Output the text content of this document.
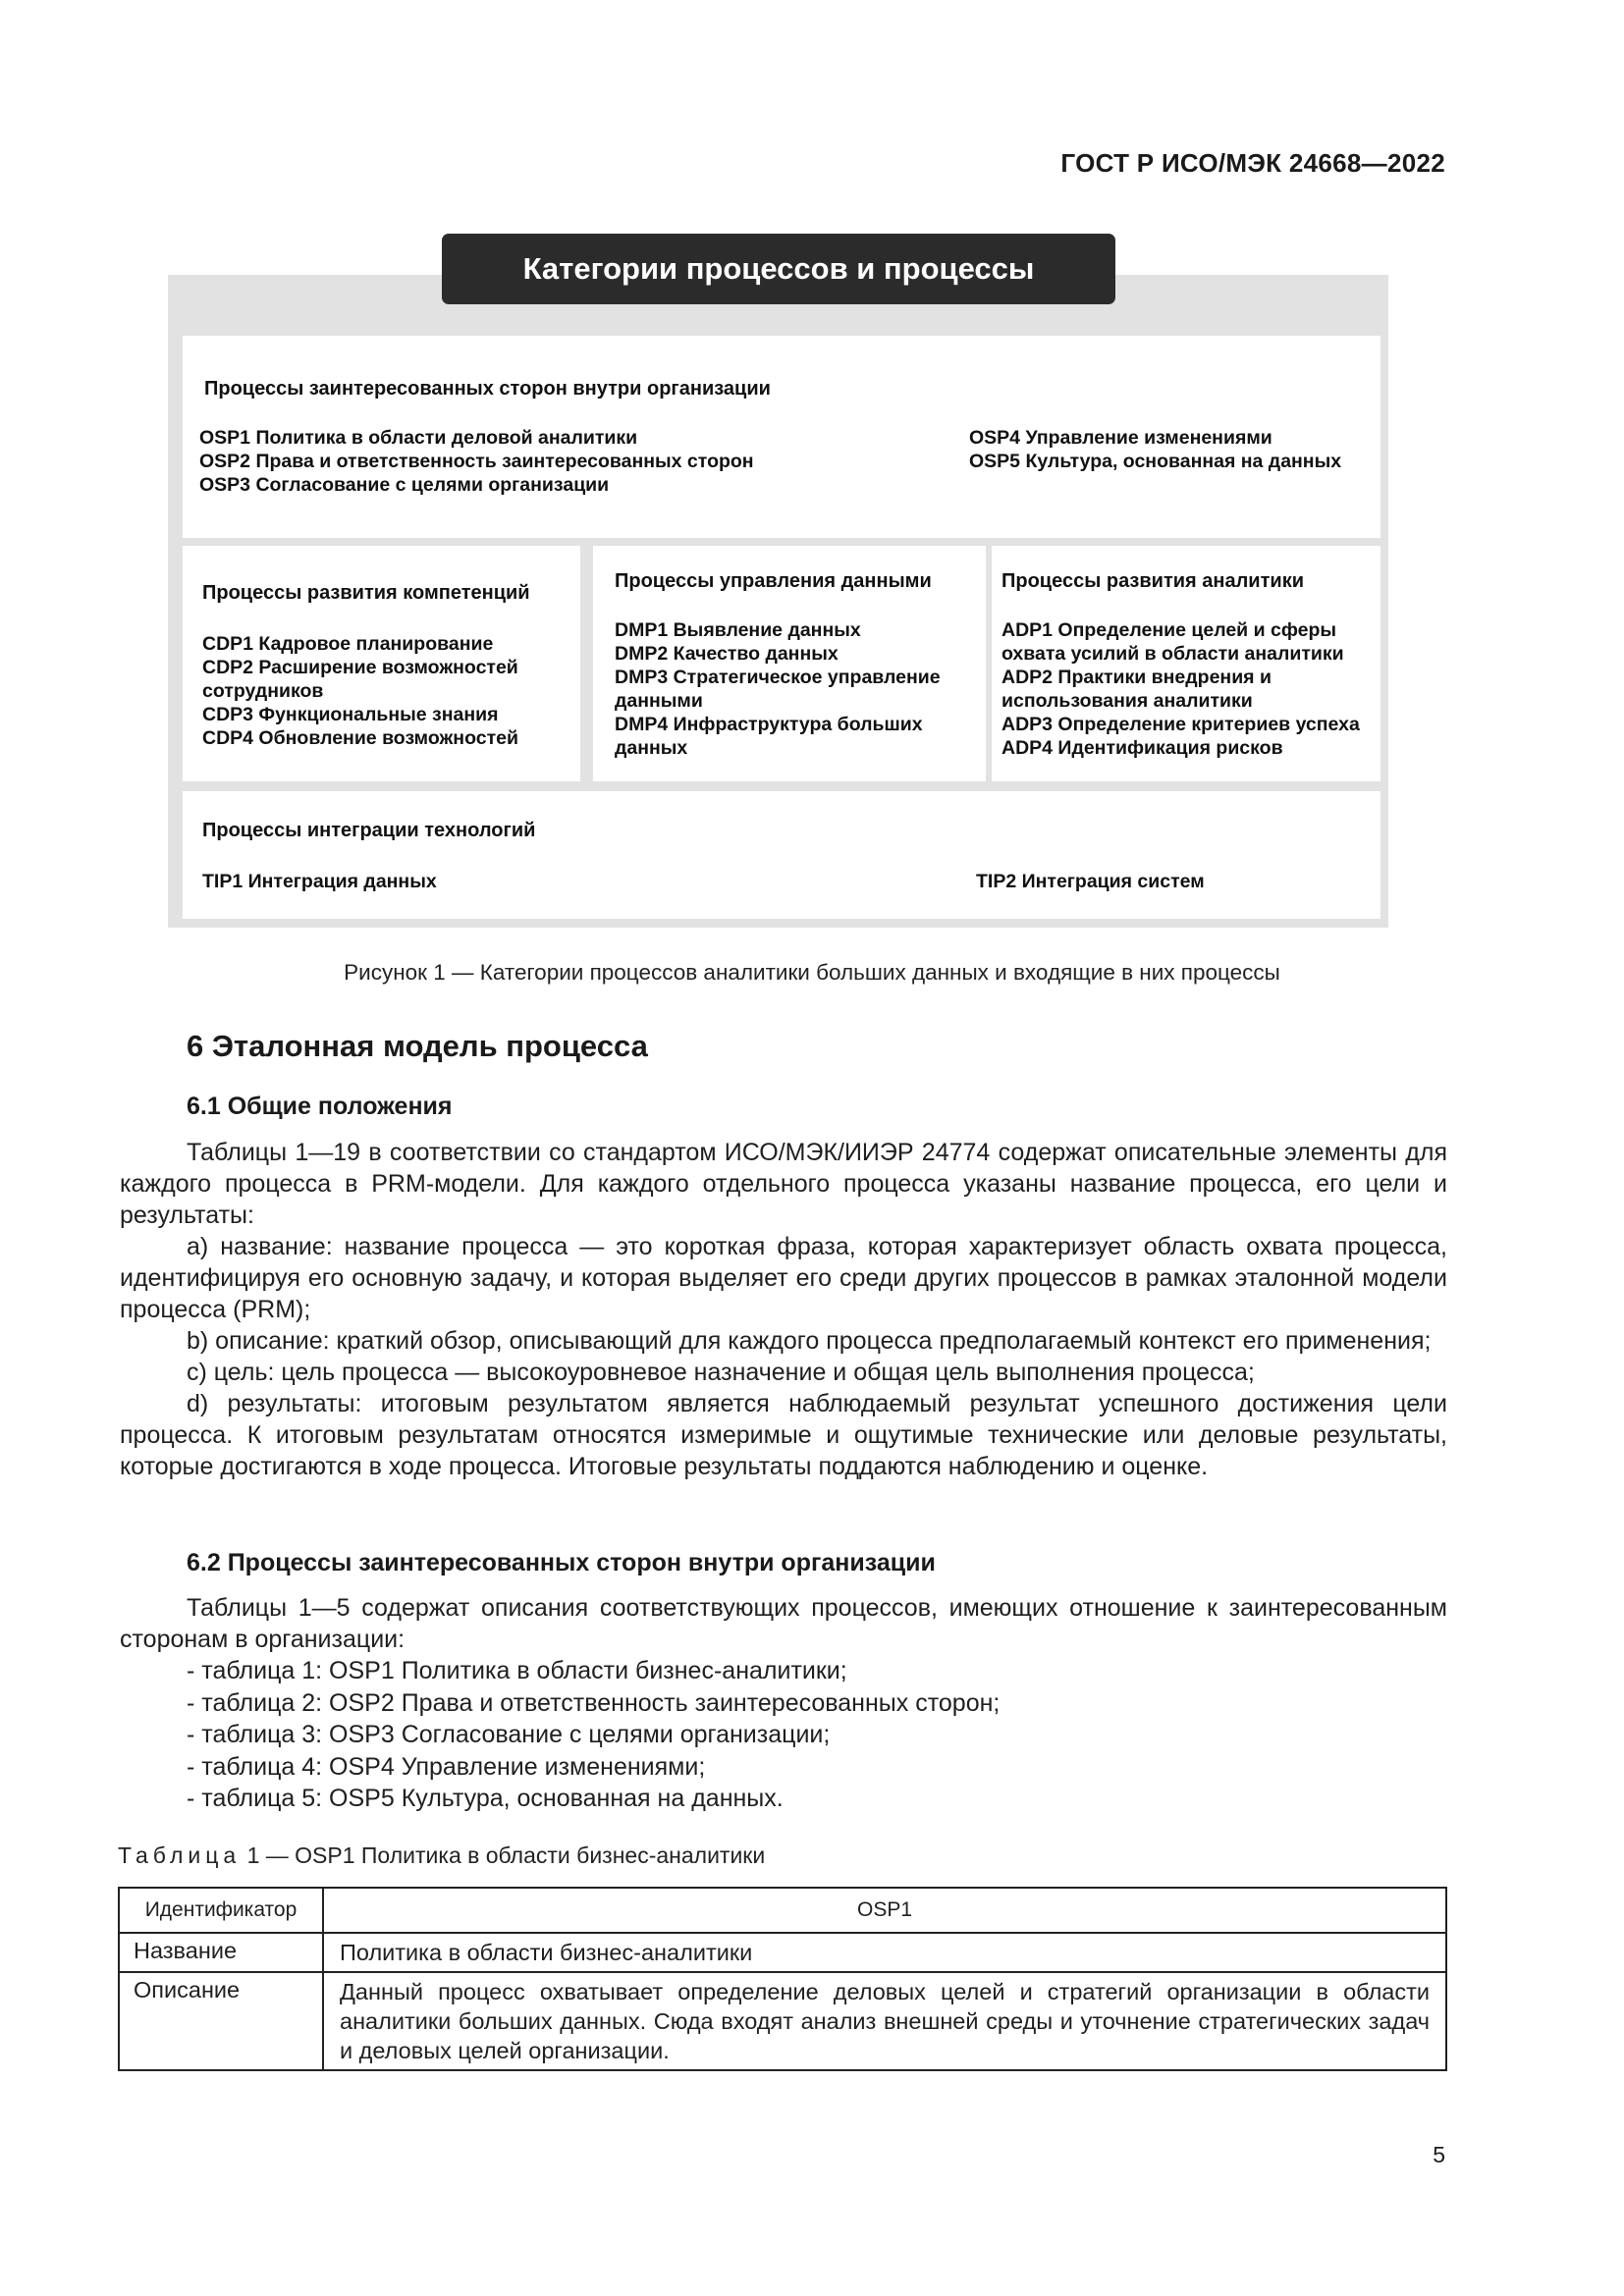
ГОСТ Р ИСО/МЭК 24668—2022
Категории процессов и процессы
Процессы заинтересованных сторон внутри организации
OSP1 Политика в области деловой аналитики
OSP2 Права и ответственность заинтересованных сторон
OSP3 Согласование с целями организации
OSP4 Управление изменениями
OSP5 Культура, основанная на данных
Процессы развития компетенций
CDP1 Кадровое планирование
CDP2 Расширение возможностей
сотрудников
CDP3 Функциональные знания
CDP4 Обновление возможностей
Процессы управления данными
DMP1 Выявление данных
DMP2 Качество данных
DMP3 Стратегическое управление
данными
DMP4 Инфраструктура больших
данных
Процессы развития аналитики
ADP1 Определение целей и сферы
охвата усилий в области аналитики
ADP2 Практики внедрения и
использования аналитики
ADP3 Определение критериев успеха
ADP4 Идентификация рисков
Процессы интеграции технологий
TIP1 Интеграция данных	TIP2 Интеграция систем
Рисунок 1 — Категории процессов аналитики больших данных и входящие в них процессы
6 Эталонная модель процесса
6.1 Общие положения

Таблицы 1—19 в соответствии со стандартом ИСО/МЭК/ИИЭР 24774 содержат описательные элементы для каждого процесса в PRM-модели. Для каждого отдельного процесса указаны название процесса, его цели и результаты:

a) название: название процесса — это короткая фраза, которая характеризует область охвата процесса, идентифицируя его основную задачу, и которая выделяет его среди других процессов в рамках эталонной модели процесса (PRM);

b) описание: краткий обзор, описывающий для каждого процесса предполагаемый контекст его применения;

c) цель: цель процесса — высокоуровневое назначение и общая цель выполнения процесса;

d) результаты: итоговым результатом является наблюдаемый результат успешного достижения цели процесса. К итоговым результатам относятся измеримые и ощутимые технические или деловые результаты, которые достигаются в ходе процесса. Итоговые результаты поддаются наблюдению и оценке.

6.2 Процессы заинтересованных сторон внутри организации

Таблицы 1—5 содержат описания соответствующих процессов, имеющих отношение к заинтересованным сторонам в организации:

- таблица 1: OSP1 Политика в области бизнес-аналитики;
- таблица 2: OSP2 Права и ответственность заинтересованных сторон;
- таблица 3: OSP3 Согласование с целями организации;
- таблица 4: OSP4 Управление изменениями;
- таблица 5: OSP5 Культура, основанная на данных.
Таблица 1 — OSP1 Политика в области бизнес-аналитики
Идентификатор	OSP1
Название	Политика в области бизнес-аналитики
Описание	Данный процесс охватывает определение деловых целей и стратегий организации в области аналитики больших данных. Сюда входят анализ внешней среды и уточнение стратегических задач и деловых целей организации.
5
